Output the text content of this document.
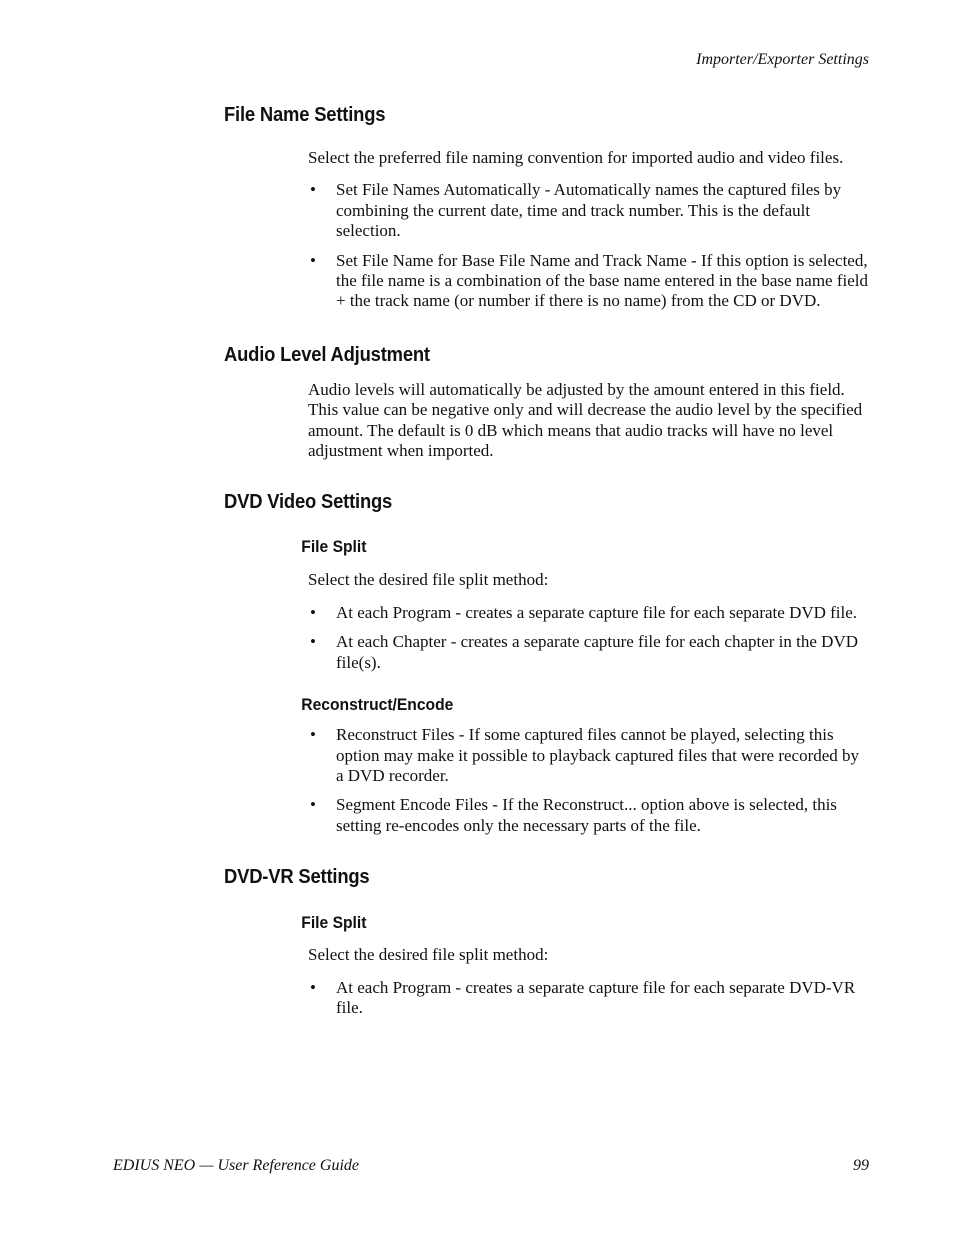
Importer/Exporter Settings
File Name Settings

Select the preferred file naming convention for imported audio and video files.

• Set File Names Automatically - Automatically names the captured files by combining the current date, time and track number. This is the default selection.
• Set File Name for Base File Name and Track Name - If this option is selected, the file name is a combination of the base name entered in the base name field + the track name (or number if there is no name) from the CD or DVD.
Audio Level Adjustment

Audio levels will automatically be adjusted by the amount entered in this field. This value can be negative only and will decrease the audio level by the specified amount. The default is 0 dB which means that audio tracks will have no level adjustment when imported.

DVD Video Settings
File Split

Select the desired file split method:

• At each Program - creates a separate capture file for each separate DVD file.
• At each Chapter - creates a separate capture file for each chapter in the DVD file(s).
Reconstruct/Encode
• Reconstruct Files - If some captured files cannot be played, selecting this option may make it possible to playback captured files that were recorded by a DVD recorder.
• Segment Encode Files - If the Reconstruct... option above is selected, this setting re-encodes only the necessary parts of the file.
DVD-VR Settings
File Split

Select the desired file split method:

• At each Program - creates a separate capture file for each separate DVD-VR file.
EDIUS NEO — User Reference Guide	99
